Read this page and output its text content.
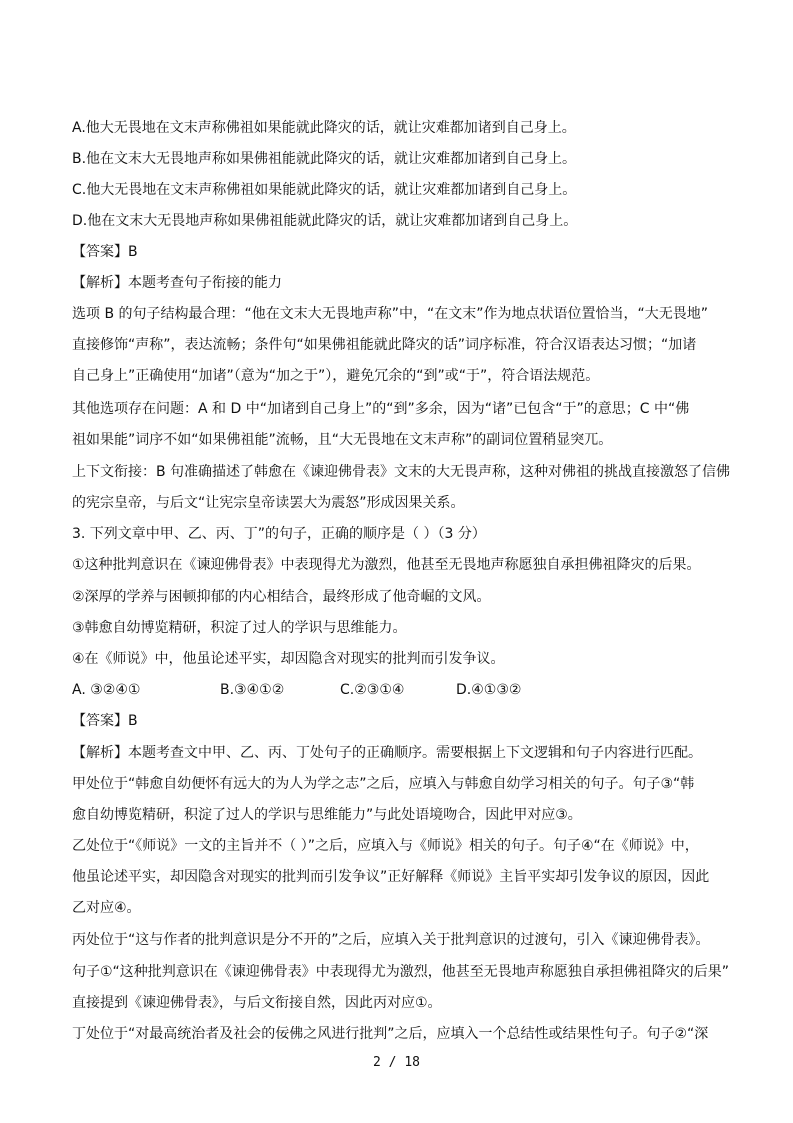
A.他大无畏地在文末声称佛祖如果能就此降灾的话，就让灾难都加诸到自己身上。
B.他在文末大无畏地声称如果佛祖能就此降灾的话，就让灾难都加诸到自己身上。
C.他大无畏地在文末声称佛祖如果能就此降灾的话，就让灾难都加诸到自己身上。
D.他在文末大无畏地声称如果佛祖能就此降灾的话，就让灾难都加诸到自己身上。
【答案】B
【解析】本题考查句子衔接的能力
选项 B 的句子结构最合理：“他在文末大无畏地声称”中，“在文末”作为地点状语位置恰当，“大无畏地”
直接修饰“声称”，表达流畅；条件句“如果佛祖能就此降灾的话”词序标准，符合汉语表达习惯；“加诸
自己身上”正确使用“加诸”（意为“加之于”），避免冗余的“到”或“于”，符合语法规范。
其他选项存在问题：A 和 D 中“加诸到自己身上”的“到”多余，因为“诸”已包含“于”的意思；C 中“佛
祖如果能”词序不如“如果佛祖能”流畅，且“大无畏地在文末声称”的副词位置稍显突兀。
上下文衔接：B 句准确描述了韩愈在《谏迎佛骨表》文末的大无畏声称，这种对佛祖的挑战直接激怒了信佛
的宪宗皇帝，与后文“让宪宗皇帝读罢大为震怒”形成因果关系。
3. 下列文章中甲、乙、丙、丁”的句子，正确的顺序是（ ）（3 分）
①这种批判意识在《谏迎佛骨表》中表现得尤为激烈，他甚至无畏地声称愿独自承担佛祖降灾的后果。
②深厚的学养与困顿抑郁的内心相结合，最终形成了他奇崛的文风。
③韩愈自幼博览精研，积淀了过人的学识与思维能力。
④在《师说》中，他虽论述平实，却因隐含对现实的批判而引发争议。
A. ③②④①	B.③④①②	C.②③①④	D.④①③②
【答案】B
【解析】本题考查文中甲、乙、丙、丁处句子的正确顺序。需要根据上下文逻辑和句子内容进行匹配。
甲处位于“韩愈自幼便怀有远大的为人为学之志”之后，应填入与韩愈自幼学习相关的句子。句子③“韩
愈自幼博览精研，积淀了过人的学识与思维能力”与此处语境吻合，因此甲对应③。
乙处位于“《师说》一文的主旨并不（ ）”之后，应填入与《师说》相关的句子。句子④“在《师说》中，
他虽论述平实，却因隐含对现实的批判而引发争议”正好解释《师说》主旨平实却引发争议的原因，因此
乙对应④。
丙处位于“这与作者的批判意识是分不开的”之后，应填入关于批判意识的过渡句，引入《谏迎佛骨表》。
句子①“这种批判意识在《谏迎佛骨表》中表现得尤为激烈，他甚至无畏地声称愿独自承担佛祖降灾的后果”
直接提到《谏迎佛骨表》，与后文衔接自然，因此丙对应①。
丁处位于“对最高统治者及社会的佞佛之风进行批判”之后，应填入一个总结性或结果性句子。句子②“深
2 / 18
